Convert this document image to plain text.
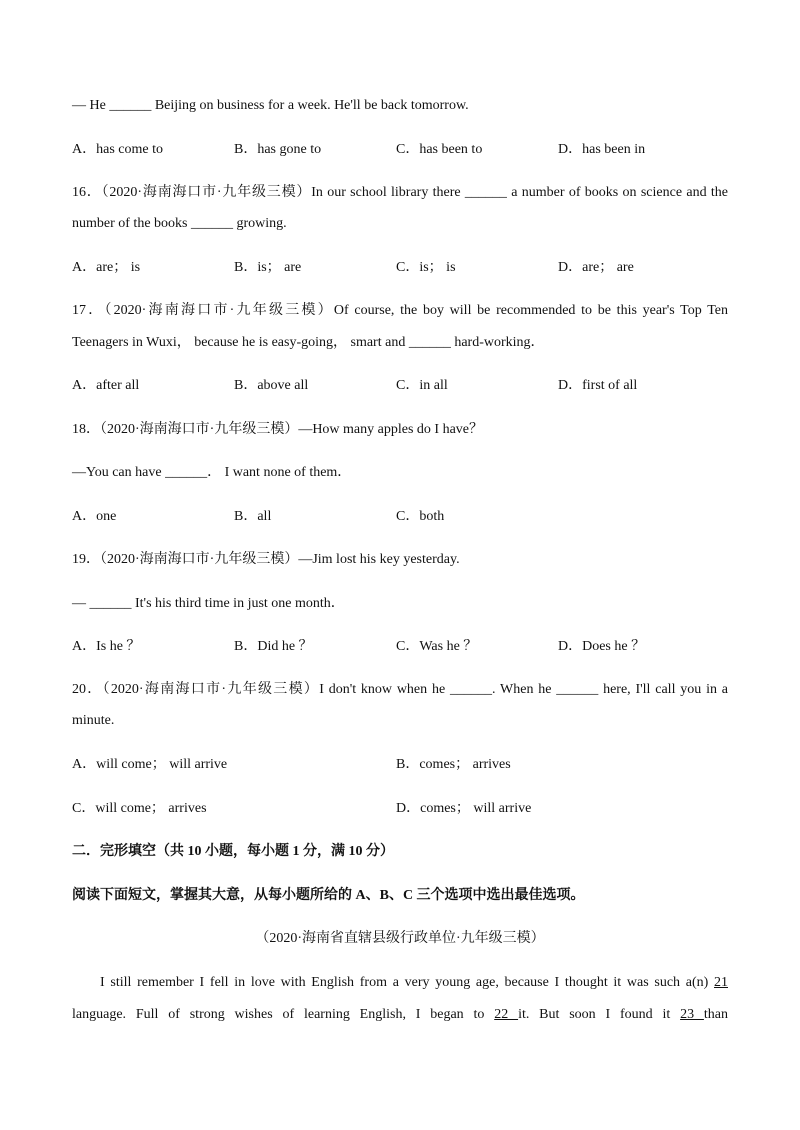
— He ______ Beijing on business for a week. He'll be back tomorrow.
A．has come to	B．has gone to	C．has been to	D．has been in
16．（2020·海南海口市·九年级三模）In our school library there ______ a number of books on science and the
number of the books ______ growing.
A．are； is	B．is； are	C．is； is	D．are； are
17．（2020·海南海口市·九年级三模）Of course, the boy will be recommended to be this year's Top Ten
Teenagers in Wuxi， because he is easy-going， smart and ______ hard-working．
A．after all	B．above all	C．in all	D．first of all
18．（2020·海南海口市·九年级三模）—How many apples do I have？
—You can have ______． I want none of them．
A．one	B．all	C．both
19．（2020·海南海口市·九年级三模）—Jim lost his key yesterday.
— ______ It's his third time in just one month．
A．Is he ？	B．Did he ？	C．Was he ？	D．Does he ？
20．（2020·海南海口市·九年级三模）I don't know when he ______. When he ______ here, I'll call you in a
minute.
A．will come； will arrive	B．comes； arrives
C．will come； arrives	D．comes； will arrive
二．完形填空（共 10 小题，每小题 1 分，满 10 分）
阅读下面短文，掌握其大意，从每小题所给的 A、B、C 三个选项中选出最佳选项。
（2020·海南省直辖县级行政单位·九年级三模）
I still remember I fell in love with English from a very young age, because I thought it was such a(n) 21
language. Full of strong wishes of learning English, I began to 22 it. But soon I found it 23 than
